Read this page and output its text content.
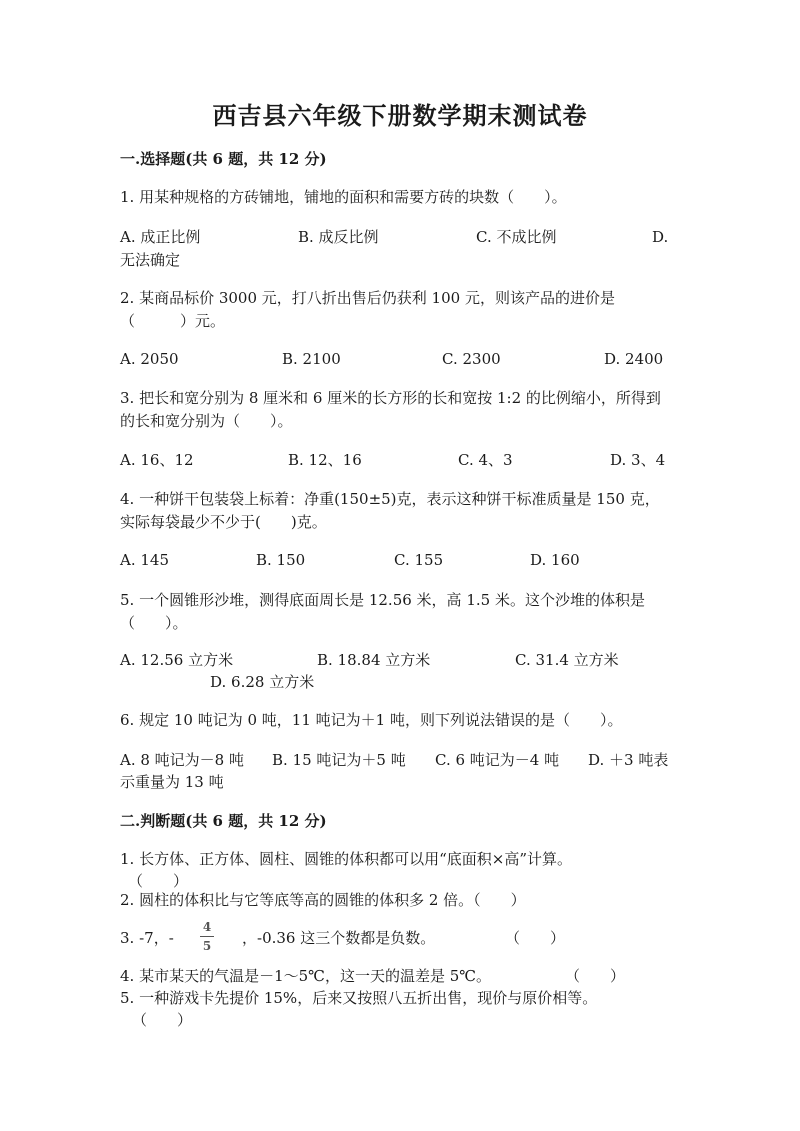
西吉县六年级下册数学期末测试卷
一.选择题(共 6 题，共 12 分)
1. 用某种规格的方砖铺地，铺地的面积和需要方砖的块数（　　）。
A. 成正比例	B. 成反比例	C. 不成比例	D.
无法确定
2. 某商品标价 3000 元，打八折出售后仍获利 100 元，则该产品的进价是（　　　）元。
A. 2050	B. 2100	C. 2300	D. 2400
3. 把长和宽分别为 8 厘米和 6 厘米的长方形的长和宽按 1:2 的比例缩小，所得到的长和宽分别为（　　）。
A. 16、12	B. 12、16	C. 4、3	D. 3、4
4. 一种饼干包装袋上标着：净重(150±5)克，表示这种饼干标准质量是 150 克，实际每袋最少不少于(　　)克。
A. 145	B. 150	C. 155	D. 160
5. 一个圆锥形沙堆，测得底面周长是 12.56 米，高 1.5 米。这个沙堆的体积是（　　）。
A. 12.56 立方米	B. 18.84 立方米	C. 31.4 立方米
D. 6.28 立方米
6. 规定 10 吨记为 0 吨，11 吨记为＋1 吨，则下列说法错误的是（　　）。
A. 8 吨记为－8 吨 B. 15 吨记为＋5 吨 C. 6 吨记为－4 吨 D. ＋3 吨表
示重量为 13 吨
二.判断题(共 6 题，共 12 分)
1. 长方体、正方体、圆柱、圆锥的体积都可以用“底面积×高”计算。
（　　）
2. 圆柱的体积比与它等底等高的圆锥的体积多 2 倍。（　　）
3. -7，-
4
5 ，-0.36 这三个数都是负数。	（　　）
4. 某市某天的气温是－1～5℃，这一天的温差是 5℃。	（　　）
5. 一种游戏卡先提价 15%，后来又按照八五折出售，现价与原价相等。
（　　）
